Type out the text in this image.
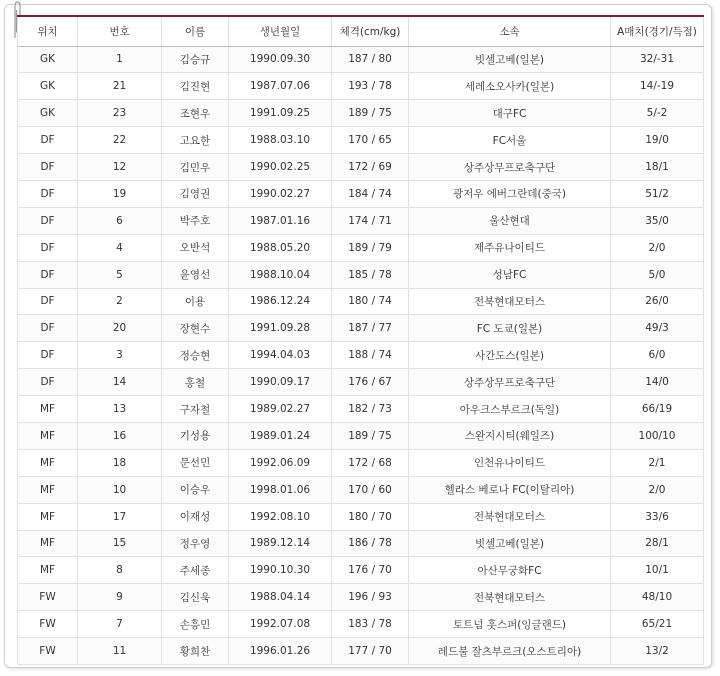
위치	번호	이름	생년월일	체격(cm/kg)	소속	A매치(경기/득점)
GK	1	김승규	1990.09.30	187 / 80	빗셀고베(일본)	32/-31
GK	21	김진현	1987.07.06	193 / 78	세레소오사카(일본)	14/-19
GK	23	조현우	1991.09.25	189 / 75	대구FC	5/-2
DF	22	고요한	1988.03.10	170 / 65	FC서울	19/0
DF	12	김민우	1990.02.25	172 / 69	상주상무프로축구단	18/1
DF	19	김영권	1990.02.27	184 / 74	광저우 에버그란데(중국)	51/2
DF	6	박주호	1987.01.16	174 / 71	울산현대	35/0
DF	4	오반석	1988.05.20	189 / 79	제주유나이티드	2/0
DF	5	윤영선	1988.10.04	185 / 78	성남FC	5/0
DF	2	이용	1986.12.24	180 / 74	전북현대모터스	26/0
DF	20	장현수	1991.09.28	187 / 77	FC 도쿄(일본)	49/3
DF	3	정승현	1994.04.03	188 / 74	사간도스(일본)	6/0
DF	14	홍철	1990.09.17	176 / 67	상주상무프로축구단	14/0
MF	13	구자철	1989.02.27	182 / 73	아우크스부르크(독일)	66/19
MF	16	기성용	1989.01.24	189 / 75	스완지시티(웨일즈)	100/10
MF	18	문선민	1992.06.09	172 / 68	인천유나이티드	2/1
MF	10	이승우	1998.01.06	170 / 60	헬라스 베로나 FC(이탈리아)	2/0
MF	17	이재성	1992.08.10	180 / 70	전북현대모터스	33/6
MF	15	정우영	1989.12.14	186 / 78	빗셀고베(일본)	28/1
MF	8	주세종	1990.10.30	176 / 70	아산무궁화FC	10/1
FW	9	김신욱	1988.04.14	196 / 93	전북현대모터스	48/10
FW	7	손흥민	1992.07.08	183 / 78	토트넘 홋스퍼(잉글랜드)	65/21
FW	11	황희찬	1996.01.26	177 / 70	레드불 잘츠부르크(오스트리아)	13/2
